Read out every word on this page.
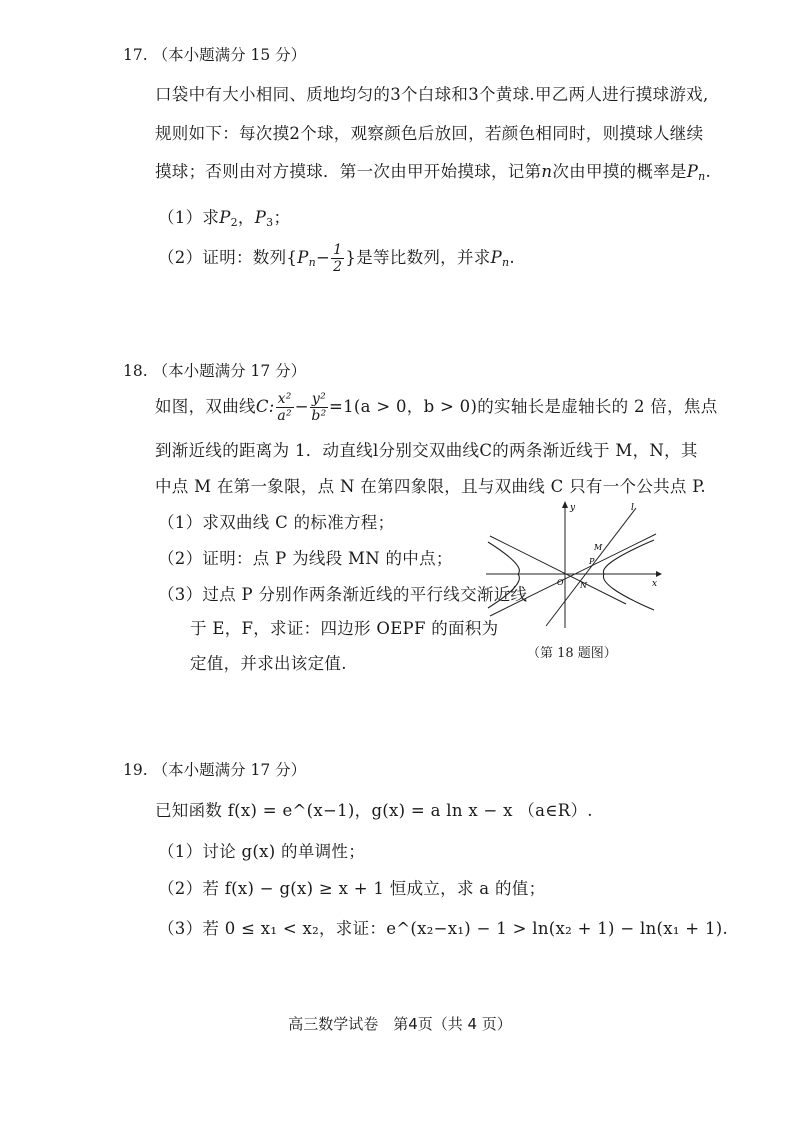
17. （本小题满分 15 分）
口袋中有大小相同、质地均匀的3个白球和3个黄球.甲乙两人进行摸球游戏,
规则如下：每次摸2个球，观察颜色后放回，若颜色相同时，则摸球人继续
摸球；否则由对方摸球．第一次由甲开始摸球，记第n次由甲摸的概率是$P_n$.
（1）求$P_2$，$P_3$；
（2）证明：数列{$P_n- \frac{1}{2}$ }是等比数列，并求$P_n$.
18. （本小题满分 17 分）
如图，双曲线C: $\frac{\text{x²}}{\text{a²}} - \frac{\text{y²}}{\text{b²}} =1(a > 0$，b > 0)的实轴长是虚轴长的 2 倍，焦点
到渐近线的距离为 1．动直线l分别交双曲线C的两条渐近线于 M，N，其
中点 M 在第一象限，点 N 在第四象限，且与双曲线 C 只有一个公共点 P.
（1）求双曲线 C 的标准方程；
（2）证明：点 P 为线段 MN 的中点；
（3）过点 P 分别作两条渐近线的平行线交渐近线
于 E，F，求证：四边形 OEPF 的面积为
定值，并求出该定值.
y
x
l
M
P
N
O
（第 18 题图）
19. （本小题满分 17 分）
已知函数 f(x) = e^(x−1)，g(x) = a ln x − x （a∈R）.
（1）讨论 g(x) 的单调性；
（2）若 f(x) − g(x) ≥ x + 1 恒成立，求 a 的值；
（3）若 0 ≤ x₁ < x₂，求证：e^(x₂−x₁) − 1 > ln(x₂ + 1) − ln(x₁ + 1).
高三数学试卷　第4页（共 4 页）
